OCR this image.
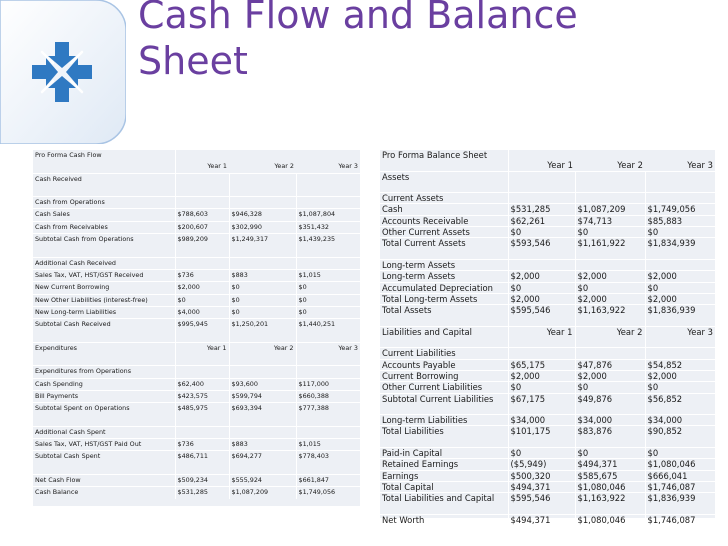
Cash Flow and Balance
Sheet
Pro Forma Cash Flow			
	Year 1	Year 2	Year 3
Cash Received			

Cash from Operations			
Cash Sales	$788,603	$946,328	$1,087,804
Cash from Receivables	$200,607	$302,990	$351,432
Subtotal Cash from Operations	$989,209	$1,249,317	$1,439,235

Additional Cash Received			
Sales Tax, VAT, HST/GST Received	$736	$883	$1,015
New Current Borrowing	$2,000	$0	$0
New Other Liabilities (interest-free)	$0	$0	$0
New Long-term Liabilities	$4,000	$0	$0
Subtotal Cash Received	$995,945	$1,250,201	$1,440,251

Expenditures	Year 1	Year 2	Year 3

Expenditures from Operations			
Cash Spending	$62,400	$93,600	$117,000
Bill Payments	$423,575	$599,794	$660,388
Subtotal Spent on Operations	$485,975	$693,394	$777,388

Additional Cash Spent			
Sales Tax, VAT, HST/GST Paid Out	$736	$883	$1,015
Subtotal Cash Spent	$486,711	$694,277	$778,403

Net Cash Flow	$509,234	$555,924	$661,847
Cash Balance	$531,285	$1,087,209	$1,749,056
Pro Forma Balance Sheet			
	Year 1	Year 2	Year 3
Assets			

Current Assets			
Cash	$531,285	$1,087,209	$1,749,056
Accounts Receivable	$62,261	$74,713	$85,883
Other Current Assets	$0	$0	$0
Total Current Assets	$593,546	$1,161,922	$1,834,939

Long-term Assets			
Long-term Assets	$2,000	$2,000	$2,000
Accumulated Depreciation	$0	$0	$0
Total Long-term Assets	$2,000	$2,000	$2,000
Total Assets	$595,546	$1,163,922	$1,836,939

Liabilities and Capital	Year 1	Year 2	Year 3

Current Liabilities			
Accounts Payable	$65,175	$47,876	$54,852
Current Borrowing	$2,000	$2,000	$2,000
Other Current Liabilities	$0	$0	$0
Subtotal Current Liabilities	$67,175	$49,876	$56,852

Long-term Liabilities	$34,000	$34,000	$34,000
Total Liabilities	$101,175	$83,876	$90,852

Paid-in Capital	$0	$0	$0
Retained Earnings	($5,949)	$494,371	$1,080,046
Earnings	$500,320	$585,675	$666,041
Total Capital	$494,371	$1,080,046	$1,746,087
Total Liabilities and Capital	$595,546	$1,163,922	$1,836,939

Net Worth	$494,371	$1,080,046	$1,746,087
